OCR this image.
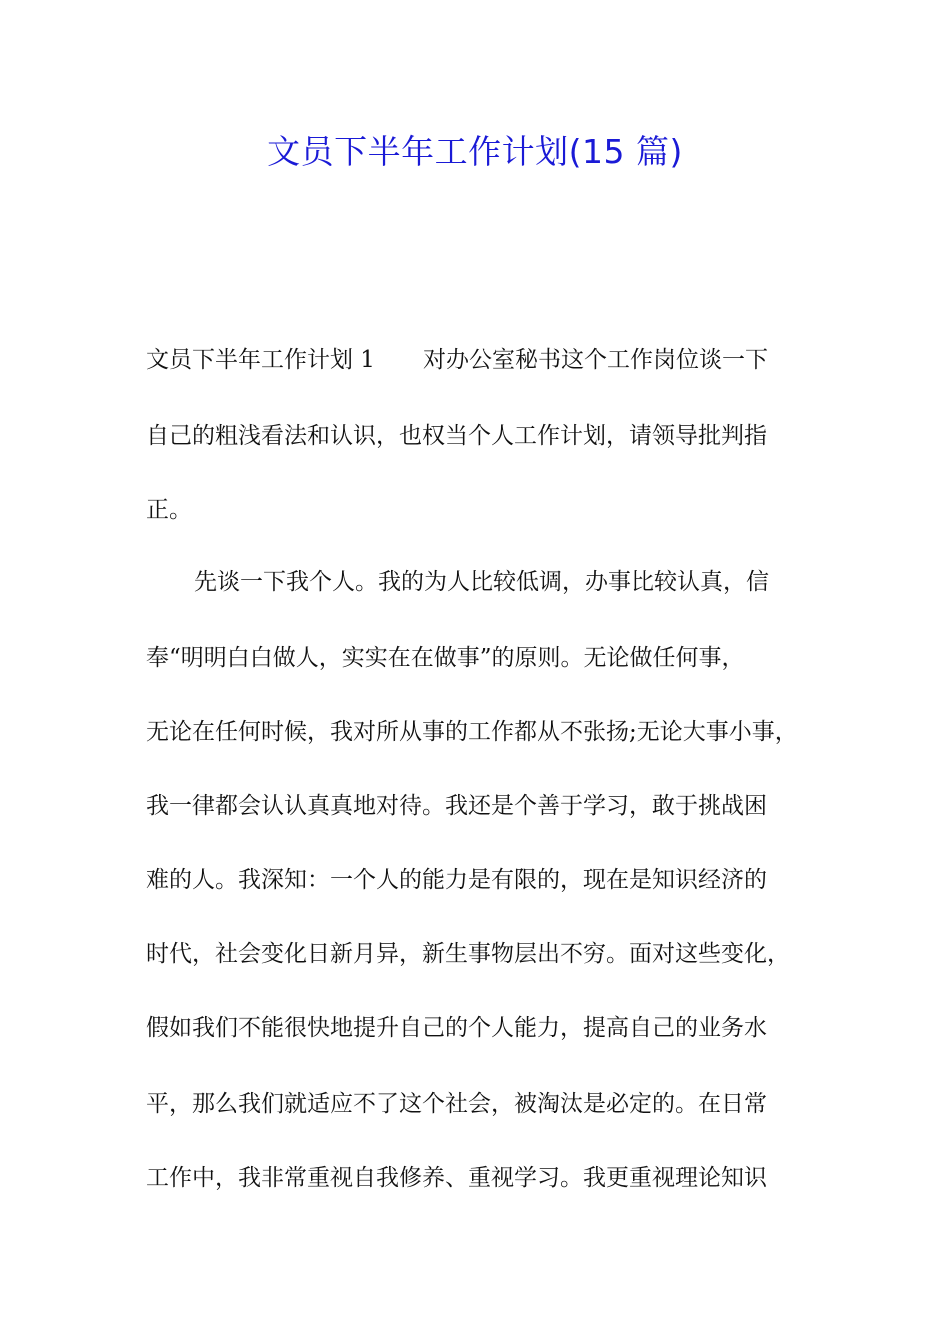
文员下半年工作计划(15 篇)
文员下半年工作计划 1 对办公室秘书这个工作岗位谈一下
自己的粗浅看法和认识，也权当个人工作计划，请领导批判指
正。
先谈一下我个人。我的为人比较低调，办事比较认真，信
奉“明明白白做人，实实在在做事”的原则。无论做任何事，
无论在任何时候，我对所从事的工作都从不张扬;无论大事小事，
我一律都会认认真真地对待。我还是个善于学习，敢于挑战困
难的人。我深知：一个人的能力是有限的，现在是知识经济的
时代，社会变化日新月异，新生事物层出不穷。面对这些变化，
假如我们不能很快地提升自己的个人能力，提高自己的业务水
平，那么我们就适应不了这个社会，被淘汰是必定的。在日常
工作中，我非常重视自我修养、重视学习。我更重视理论知识
